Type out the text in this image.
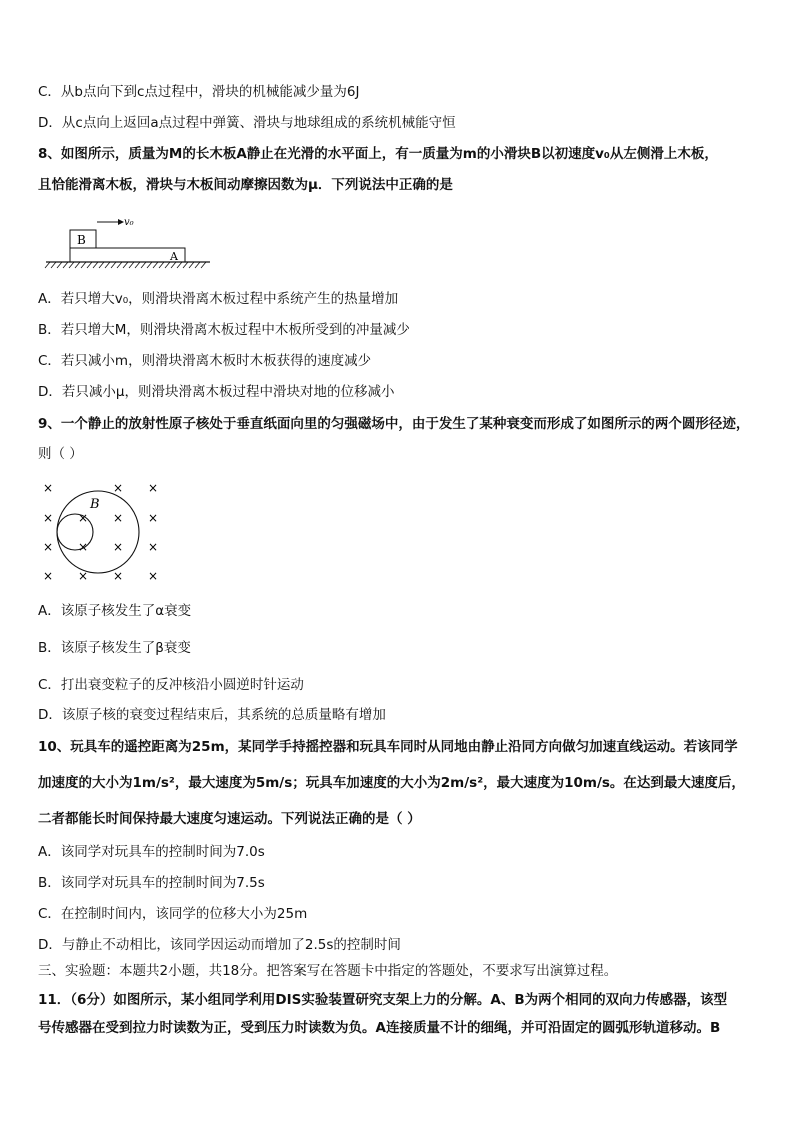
C．从b点向下到c点过程中，滑块的机械能减少量为6J
D．从c点向上返回a点过程中弹簧、滑块与地球组成的系统机械能守恒
8、如图所示，质量为M的长木板A静止在光滑的水平面上，有一质量为m的小滑块B以初速度v₀从左侧滑上木板，
且恰能滑离木板，滑块与木板间动摩擦因数为μ．下列说法中正确的是
B
A
v₀
A．若只增大v₀，则滑块滑离木板过程中系统产生的热量增加
B．若只增大M，则滑块滑离木板过程中木板所受到的冲量减少
C．若只减小m，则滑块滑离木板时木板获得的速度减少
D．若只减小μ，则滑块滑离木板过程中滑块对地的位移减小
9、一个静止的放射性原子核处于垂直纸面向里的匀强磁场中，由于发生了某种衰变而形成了如图所示的两个圆形径迹，
则（ ）
×	× ×
× × × ×
× × × ×
× × × ×
B
A．该原子核发生了α衰变
B．该原子核发生了β衰变
C．打出衰变粒子的反冲核沿小圆逆时针运动
D．该原子核的衰变过程结束后，其系统的总质量略有增加
10、玩具车的遥控距离为25m，某同学手持摇控器和玩具车同时从同地由静止沿同方向做匀加速直线运动。若该同学
加速度的大小为1m/s²，最大速度为5m/s；玩具车加速度的大小为2m/s²，最大速度为10m/s。在达到最大速度后，
二者都能长时间保持最大速度匀速运动。下列说法正确的是（ ）
A．该同学对玩具车的控制时间为7.0s
B．该同学对玩具车的控制时间为7.5s
C．在控制时间内，该同学的位移大小为25m
D．与静止不动相比，该同学因运动而增加了2.5s的控制时间
三、实验题：本题共2小题，共18分。把答案写在答题卡中指定的答题处，不要求写出演算过程。
11．（6分）如图所示，某小组同学利用DIS实验装置研究支架上力的分解。A、B为两个相同的双向力传感器，该型
号传感器在受到拉力时读数为正，受到压力时读数为负。A连接质量不计的细绳，并可沿固定的圆弧形轨道移动。B
